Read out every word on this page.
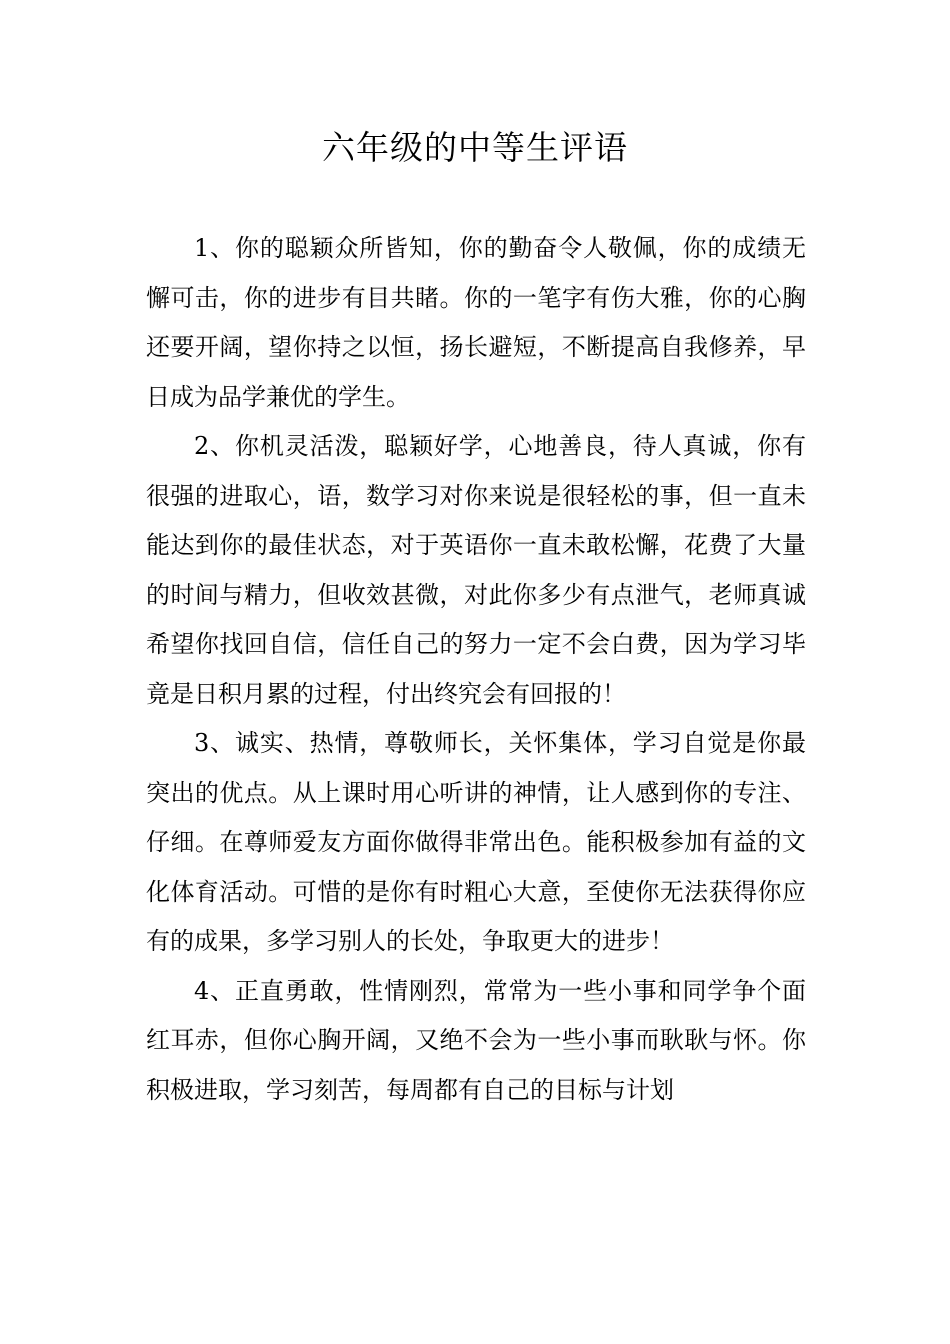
六年级的中等生评语

1、你的聪颖众所皆知，你的勤奋令人敬佩，你的成绩无懈可击，你的进步有目共睹。你的一笔字有伤大雅，你的心胸还要开阔，望你持之以恒，扬长避短，不断提高自我修养，早日成为品学兼优的学生。

2、你机灵活泼，聪颖好学，心地善良，待人真诚，你有很强的进取心，语，数学习对你来说是很轻松的事，但一直未能达到你的最佳状态，对于英语你一直未敢松懈，花费了大量的时间与精力，但收效甚微，对此你多少有点泄气，老师真诚希望你找回自信，信任自己的努力一定不会白费，因为学习毕竟是日积月累的过程，付出终究会有回报的！

3、诚实、热情，尊敬师长，关怀集体，学习自觉是你最突出的优点。从上课时用心听讲的神情，让人感到你的专注、仔细。在尊师爱友方面你做得非常出色。能积极参加有益的文化体育活动。可惜的是你有时粗心大意，至使你无法获得你应有的成果，多学习别人的长处，争取更大的进步！

4、正直勇敢，性情刚烈，常常为一些小事和同学争个面红耳赤，但你心胸开阔，又绝不会为一些小事而耿耿与怀。你积极进取，学习刻苦，每周都有自己的目标与计划
